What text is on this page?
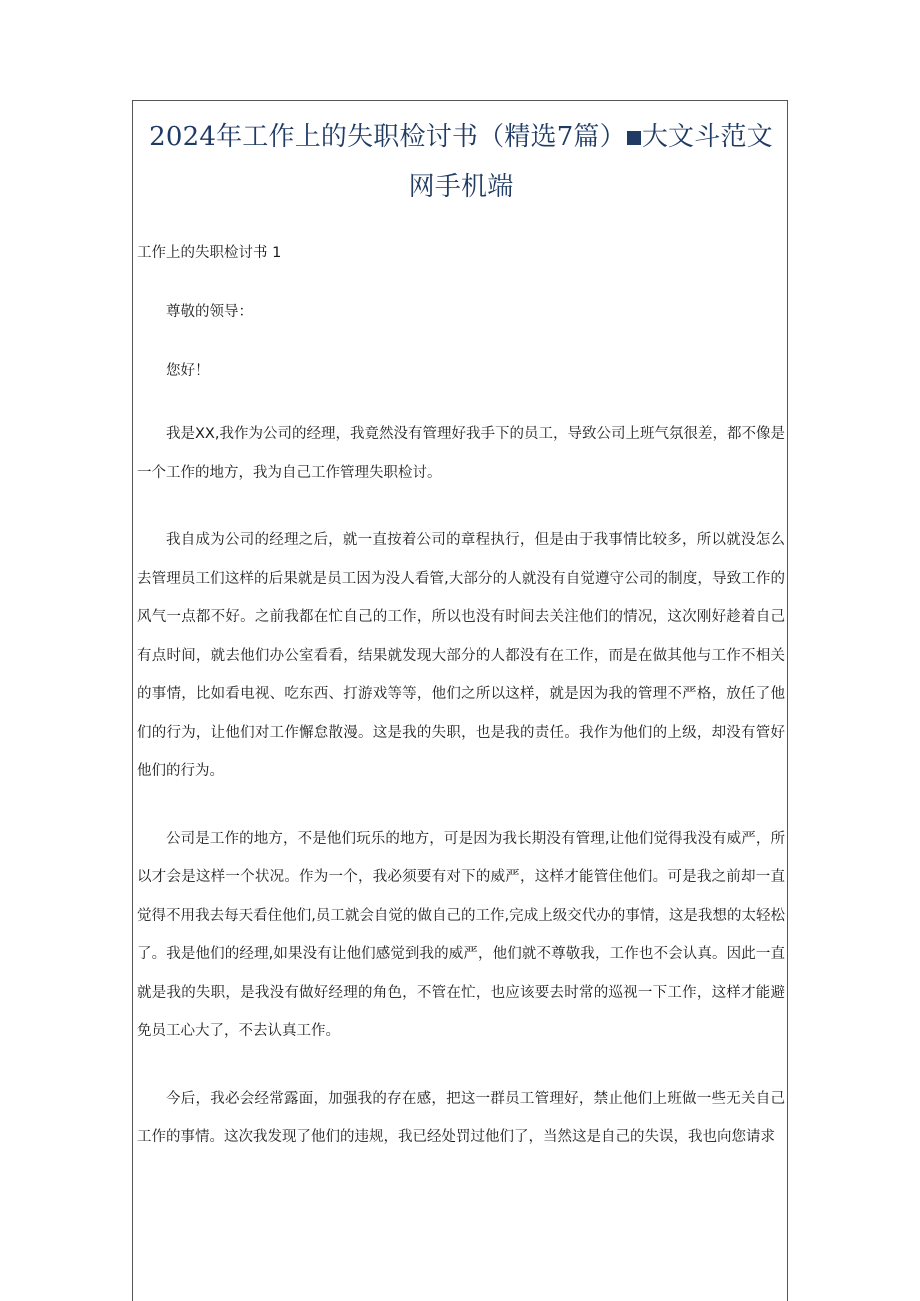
2024年工作上的失职检讨书（精选7篇） 大文斗范文网手机端

工作上的失职检讨书 1

尊敬的领导：

您好！

我是XX,我作为公司的经理，我竟然没有管理好我手下的员工，导致公司上班气氛很差，都不像是一个工作的地方，我为自己工作管理失职检讨。

我自成为公司的经理之后，就一直按着公司的章程执行，但是由于我事情比较多，所以就没怎么去管理员工们这样的后果就是员工因为没人看管,大部分的人就没有自觉遵守公司的制度，导致工作的风气一点都不好。之前我都在忙自己的工作，所以也没有时间去关注他们的情况，这次刚好趁着自己有点时间，就去他们办公室看看，结果就发现大部分的人都没有在工作，而是在做其他与工作不相关的事情，比如看电视、吃东西、打游戏等等，他们之所以这样，就是因为我的管理不严格，放任了他们的行为，让他们对工作懈怠散漫。这是我的失职，也是我的责任。我作为他们的上级，却没有管好他们的行为。

公司是工作的地方，不是他们玩乐的地方，可是因为我长期没有管理,让他们觉得我没有威严，所以才会是这样一个状况。作为一个，我必须要有对下的威严，这样才能管住他们。可是我之前却一直觉得不用我去每天看住他们,员工就会自觉的做自己的工作,完成上级交代办的事情，这是我想的太轻松了。我是他们的经理,如果没有让他们感觉到我的威严，他们就不尊敬我，工作也不会认真。因此一直就是我的失职，是我没有做好经理的角色，不管在忙，也应该要去时常的巡视一下工作，这样才能避免员工心大了，不去认真工作。

今后，我必会经常露面，加强我的存在感，把这一群员工管理好，禁止他们上班做一些无关自己工作的事情。这次我发现了他们的违规，我已经处罚过他们了，当然这是自己的失误，我也向您请求
